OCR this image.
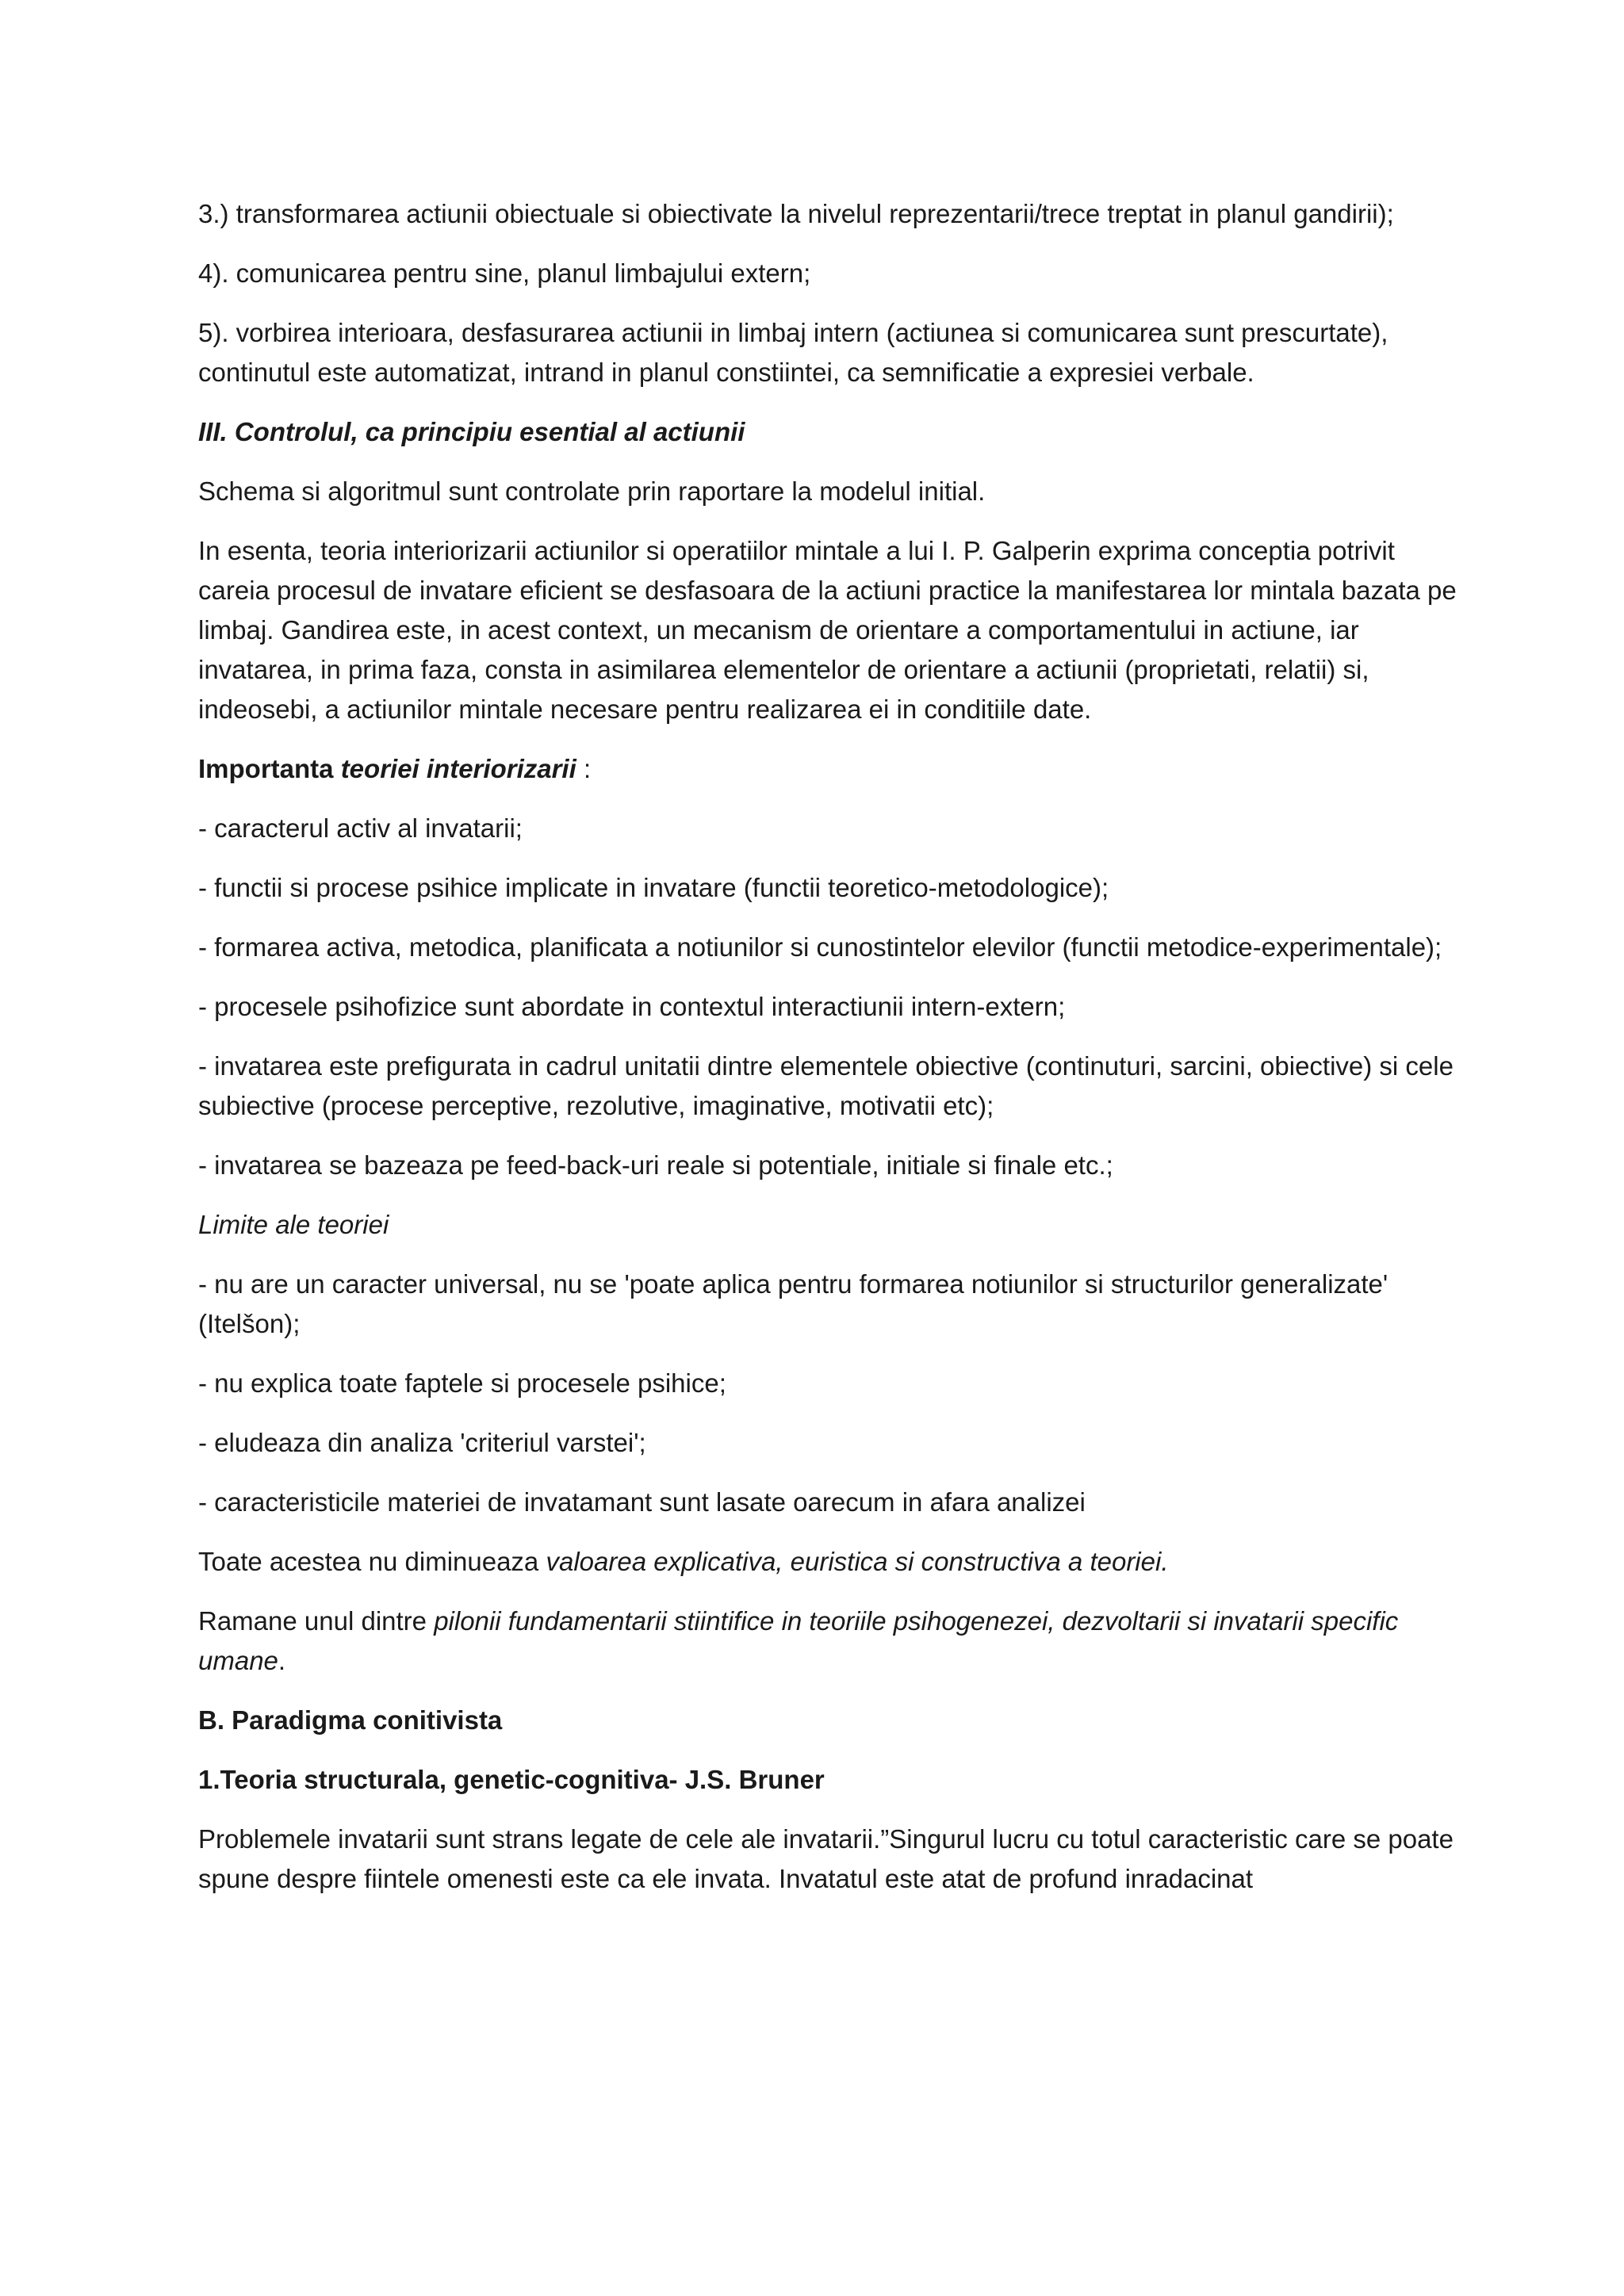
3.) transformarea actiunii obiectuale si obiectivate la nivelul reprezentarii/trece treptat in planul gandirii);

4). comunicarea pentru sine, planul limbajului extern;

5). vorbirea interioara, desfasurarea actiunii in limbaj intern (actiunea si comunicarea sunt prescurtate), continutul este automatizat, intrand in planul constiintei, ca semnificatie a expresiei verbale.

III. Controlul, ca principiu esential al actiunii

Schema si algoritmul sunt controlate prin raportare la modelul initial.

In esenta, teoria interiorizarii actiunilor si operatiilor mintale a lui I. P. Galperin exprima conceptia potrivit careia procesul de invatare eficient se desfasoara de la actiuni practice la manifestarea lor mintala bazata pe limbaj. Gandirea este, in acest context, un mecanism de orientare a comportamentului in actiune, iar invatarea, in prima faza, consta in asimilarea elementelor de orientare a actiunii (proprietati, relatii) si, indeosebi, a actiunilor mintale necesare pentru realizarea ei in conditiile date.

Importanta teoriei interiorizarii :

- caracterul activ al invatarii;

- functii si procese psihice implicate in invatare (functii teoretico-metodologice);

- formarea activa, metodica, planificata a notiunilor si cunostintelor elevilor (functii metodice-experimentale);

- procesele psihofizice sunt abordate in contextul interactiunii intern-extern;

- invatarea este prefigurata in cadrul unitatii dintre elementele obiective (continuturi, sarcini, obiective) si cele subiective (procese perceptive, rezolutive, imaginative, motivatii etc);

- invatarea se bazeaza pe feed-back-uri reale si potentiale, initiale si finale etc.;

Limite ale teoriei

- nu are un caracter universal, nu se 'poate aplica pentru formarea notiunilor si structurilor generalizate' (Itelšon);

- nu explica toate faptele si procesele psihice;

- eludeaza din analiza 'criteriul varstei';

- caracteristicile materiei de invatamant sunt lasate oarecum in afara analizei

Toate acestea nu diminueaza valoarea explicativa, euristica si constructiva a teoriei.

Ramane unul dintre pilonii fundamentarii stiintifice in teoriile psihogenezei, dezvoltarii si invatarii specific umane.

B. Paradigma conitivista

1.Teoria structurala, genetic-cognitiva- J.S. Bruner

Problemele invatarii sunt strans legate de cele ale invatarii.”Singurul lucru cu totul caracteristic care se poate spune despre fiintele omenesti este ca ele invata. Invatatul este atat de profund inradacinat
